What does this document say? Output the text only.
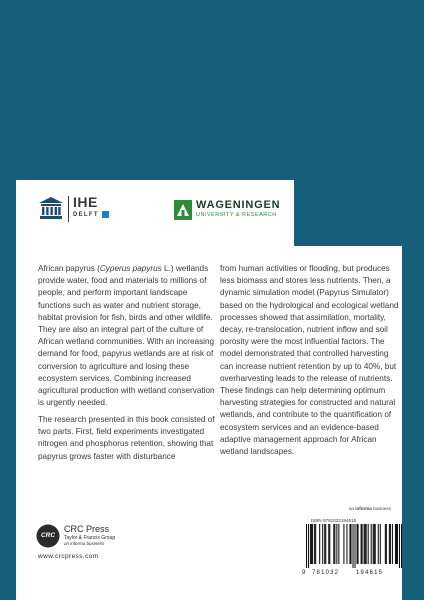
IHE
DELFT
WAGENINGEN
UNIVERSITY & RESEARCH

African papyrus (Cyperus papyrus L.) wetlands provide water, food and materials to millions of people, and perform important landscape functions such as water and nutrient storage, habitat provision for fish, birds and other wildlife. They are also an integral part of the culture of African wetland communities. With an increasing demand for food, papyrus wetlands are at risk of conversion to agriculture and losing these ecosystem services. Combining increased agricultural production with wetland conservation is urgently needed.

The research presented in this book consisted of two parts. First, field experiments investigated nitrogen and phosphorus retention, showing that papyrus grows faster with disturbance

from human activities or flooding, but produces less biomass and stores less nutrients. Then, a dynamic simulation model (Papyrus Simulator) based on the hydrological and ecological wetland processes showed that assimilation, mortality, decay, re-translocation, nutrient inflow and soil porosity were the most influential factors. The model demonstrated that controlled harvesting can increase nutrient retention by up to 40%, but overharvesting leads to the release of nutrients. These findings can help determining optimum harvesting strategies for constructed and natural wetlands, and contribute to the quantification of ecosystem services and an evidence-based adaptive management approach for African wetland landscapes.

an informa business
CRC
CRC Press
Taylor & Francis Group
an informa business
www.crcpress.com
ISBN 9781032194615
9 781032	194615
